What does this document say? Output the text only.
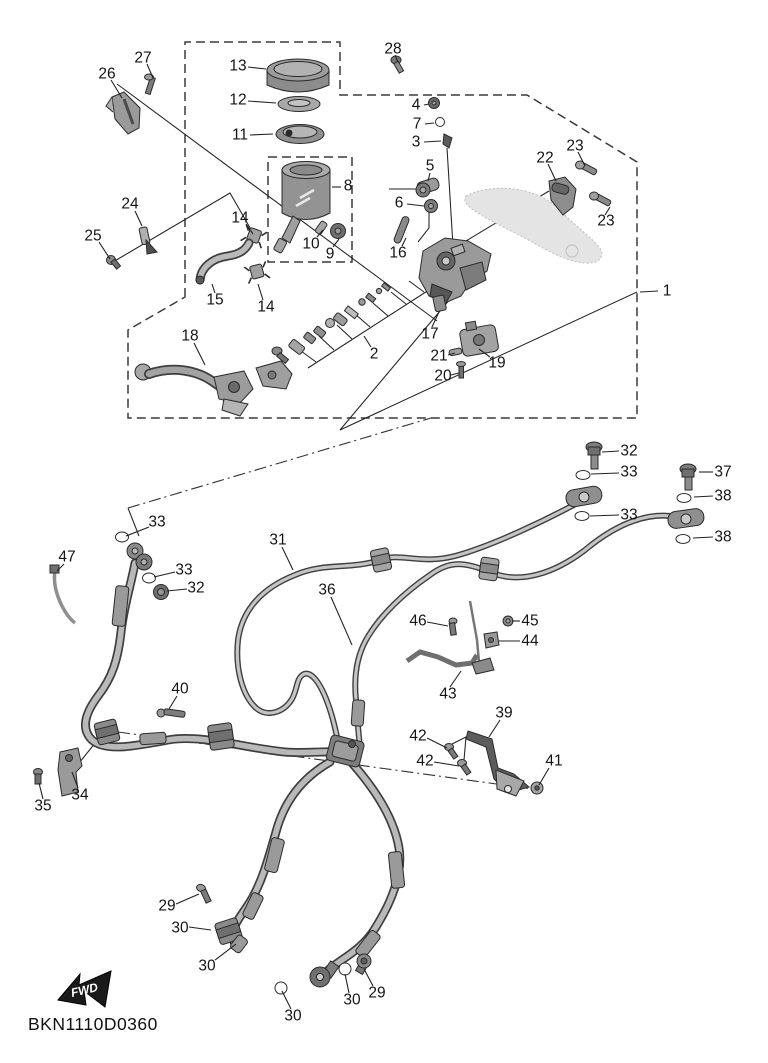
1
2
3
4
5
6
7
8
9
10
11
12
13
14
14
15
16
17
18
19
20
21
22
23
23
24
25
26
27
28
29
29
30
30
30
30
31
32
32
33
33
33
33
34
35
36
37
38
38
39
40
41
42
42
43
44
45
46
47
FWD
BKN1110D0360
